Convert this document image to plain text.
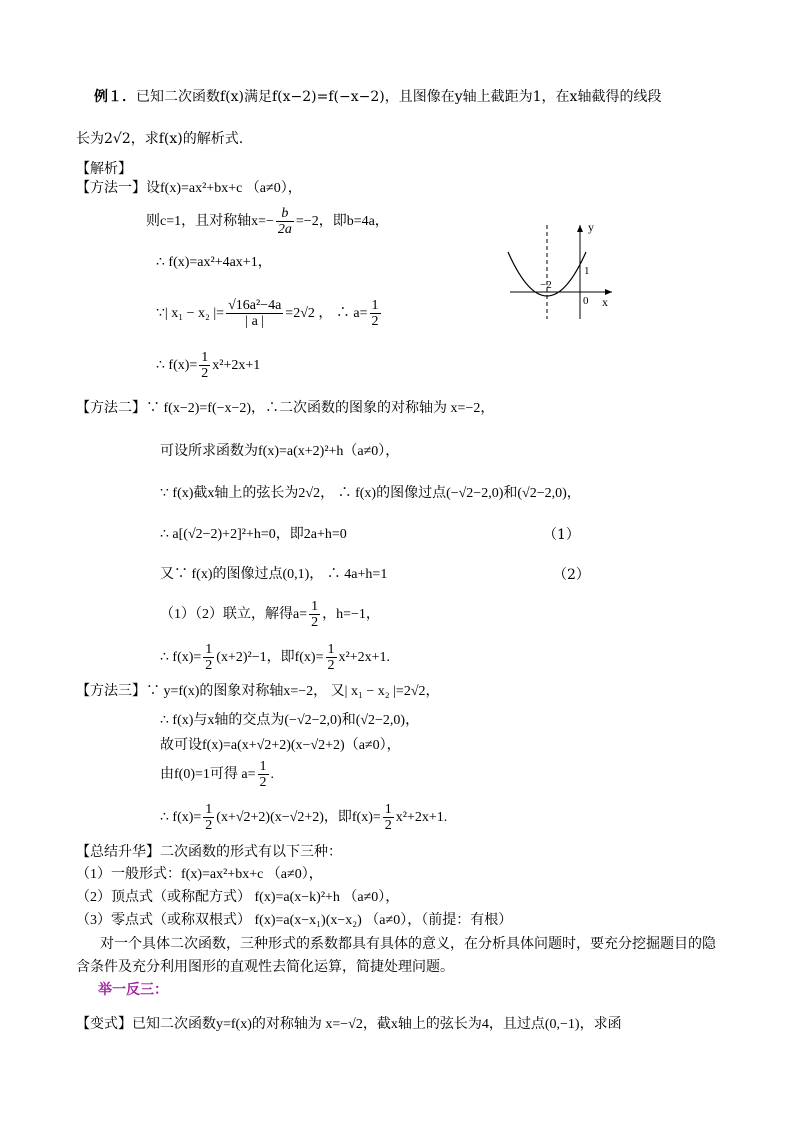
例１．已知二次函数f(x)满足f(x−2)=f(−x−2)，且图像在y轴上截距为1，在x轴截得的线段
长为2√2，求f(x)的解析式.
【解析】
【方法一】设f(x)=ax²+bx+c （a≠0），
则c=1，且对称轴$x=- \frac{b}{2a} =-2$，即b=4a，
∴ f(x)=ax²+4ax+1，
∵| x₁ − x₂ |= $\frac{\text{√16a²−4a}}{| a |} =2√2$ ， ∴ $a= \frac{1}{2}$
∴ $f(x)= \frac{1}{2} x^2+2x+1$
y
x
0
−2
1
【方法二】∵ f(x−2)=f(−x−2)，∴二次函数的图象的对称轴为 x=−2，
可设所求函数为f(x)=a(x+2)²+h（a≠0），
∵ f(x)截x轴上的弦长为2√2， ∴ f(x)的图像过点(−√2−2,0)和(√2−2,0)，
∴ a[(√2−2)+2]²+h=0，即2a+h=0	（1）
又∵ f(x)的图像过点(0,1)， ∴ 4a+h=1	（2）
（1）（2）联立，解得$a= \frac{1}{2}$ ，h=−1，
∴ $f(x)= \frac{1}{2} (x+2)^2-1$，即$f(x)= \frac{1}{2} x^2+2x+1$.
【方法三】∵ y=f(x)的图象对称轴x=−2， 又| x₁ − x₂ |=2√2，
∴ f(x)与x轴的交点为(−√2−2,0)和(√2−2,0)，
故可设f(x)=a(x+√2+2)(x−√2+2)（a≠0），
由f(0)=1可得 $a= \frac{1}{2}$ .
∴ $f(x)= \frac{1}{2} (x+√2+2)(x-√2+2)$，即$f(x)= \frac{1}{2} x^2+2x+1$.
【总结升华】二次函数的形式有以下三种：
（1）一般形式：f(x)=ax²+bx+c （a≠0），
（2）顶点式（或称配方式） f(x)=a(x−k)²+h （a≠0），
（3）零点式（或称双根式） f(x)=a(x−x₁)(x−x₂) （a≠0），（前提：有根）
对一个具体二次函数，三种形式的系数都具有具体的意义，在分析具体问题时，要充分挖掘题目的隐
含条件及充分利用图形的直观性去简化运算，简捷处理问题。
举一反三：
【变式】已知二次函数y=f(x)的对称轴为 x=−√2，截x轴上的弦长为4，且过点(0,−1)，求函
